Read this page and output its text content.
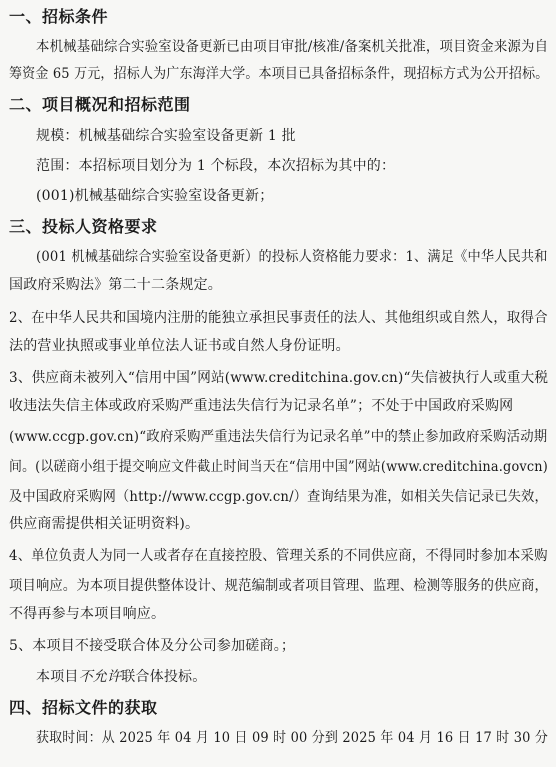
一、招标条件

本机械基础综合实验室设备更新已由项目审批/核准/备案机关批准，项目资金来源为自

筹资金 65 万元，招标人为广东海洋大学。本项目已具备招标条件，现招标方式为公开招标。

二、项目概况和招标范围

规模：机械基础综合实验室设备更新 1 批

范围：本招标项目划分为 1 个标段，本次招标为其中的：

(001)机械基础综合实验室设备更新；

三、投标人资格要求

(001 机械基础综合实验室设备更新）的投标人资格能力要求：1、满足《中华人民共和

国政府采购法》第二十二条规定。

2、在中华人民共和国境内注册的能独立承担民事责任的法人、其他组织或自然人，取得合

法的营业执照或事业单位法人证书或自然人身份证明。

3、供应商未被列入“信用中国”网站(www.creditchina.gov.cn)“失信被执行人或重大税

收违法失信主体或政府采购严重违法失信行为记录名单”；不处于中国政府采购网

(www.ccgp.gov.cn)“政府采购严重违法失信行为记录名单”中的禁止参加政府采购活动期

间。(以磋商小组于提交响应文件截止时间当天在“信用中国”网站(www.creditchina.govcn)

及中国政府采购网（http://www.ccgp.gov.cn/）查询结果为准，如相关失信记录已失效，

供应商需提供相关证明资料)。

4、单位负责人为同一人或者存在直接控股、管理关系的不同供应商，不得同时参加本采购

项目响应。为本项目提供整体设计、规范编制或者项目管理、监理、检测等服务的供应商，

不得再参与本项目响应。

5、本项目不接受联合体及分公司参加磋商。；

本项目不允许联合体投标。

四、招标文件的获取

获取时间：从 2025 年 04 月 10 日 09 时 00 分到 2025 年 04 月 16 日 17 时 30 分
